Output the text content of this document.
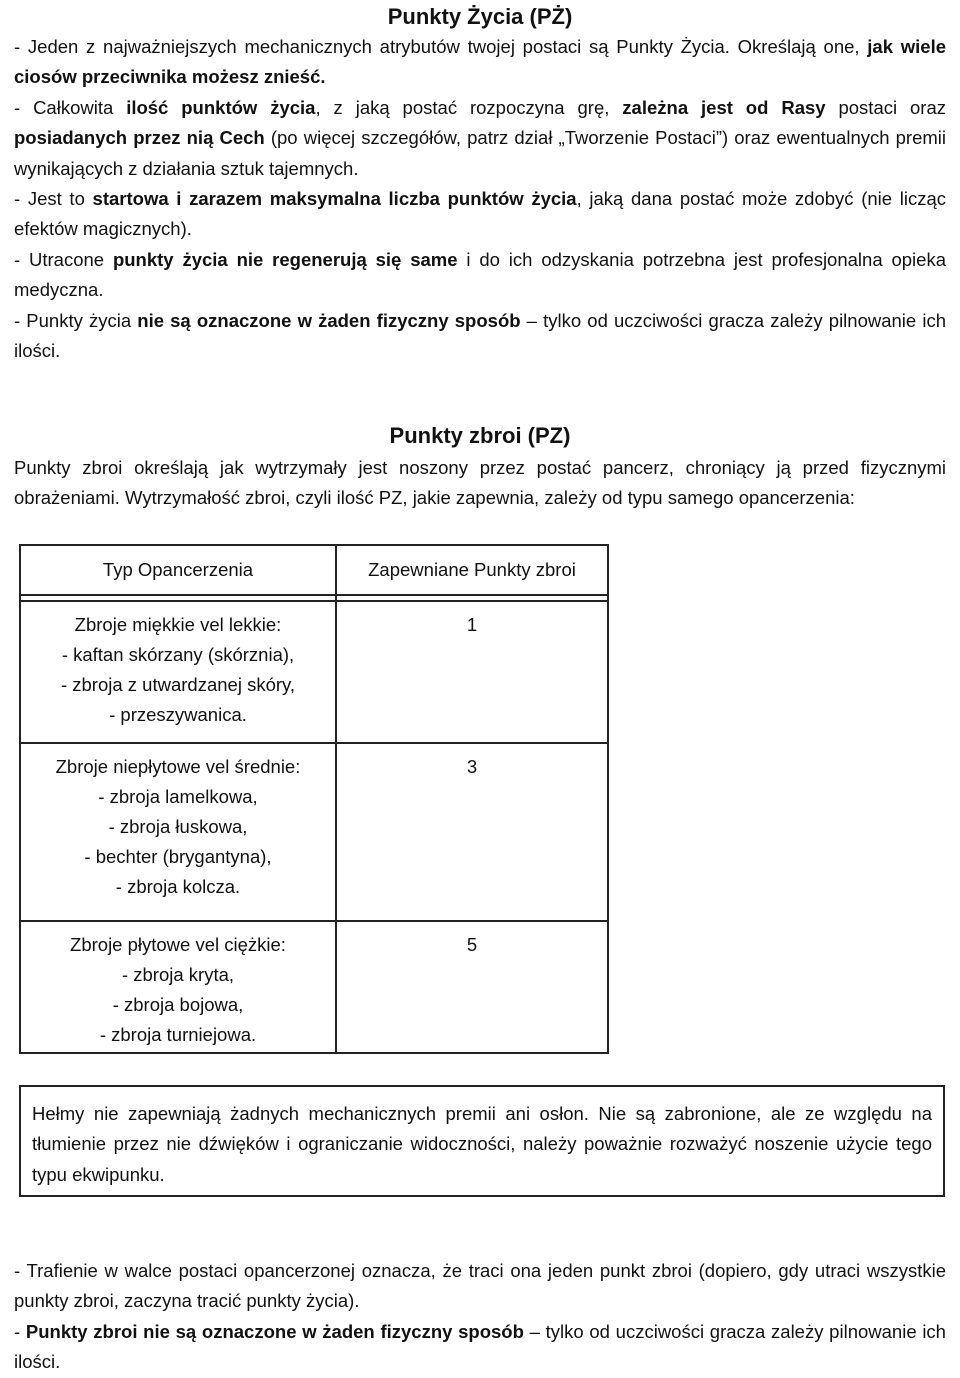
Punkty Życia (PŻ)

- Jeden z najważniejszych mechanicznych atrybutów twojej postaci są Punkty Życia. Określają one, jak wiele ciosów przeciwnika możesz znieść.

- Całkowita ilość punktów życia, z jaką postać rozpoczyna grę, zależna jest od Rasy postaci oraz posiadanych przez nią Cech (po więcej szczegółów, patrz dział „Tworzenie Postaci”) oraz ewentualnych premii wynikających z działania sztuk tajemnych.

- Jest to startowa i zarazem maksymalna liczba punktów życia, jaką dana postać może zdobyć (nie licząc efektów magicznych).

- Utracone punkty życia nie regenerują się same i do ich odzyskania potrzebna jest profesjonalna opieka medyczna.

- Punkty życia nie są oznaczone w żaden fizyczny sposób – tylko od uczciwości gracza zależy pilnowanie ich ilości.

Punkty zbroi (PZ)

Punkty zbroi określają jak wytrzymały jest noszony przez postać pancerz, chroniący ją przed fizycznymi obrażeniami. Wytrzymałość zbroi, czyli ilość PZ, jakie zapewnia, zależy od typu samego opancerzenia:

Typ Opancerzenia	Zapewniane Punkty zbroi

Zbroje miękkie vel lekkie:
- kaftan skórzany (skórznia),
- zbroja z utwardzanej skóry,
- przeszywanica.	1

Zbroje niepłytowe vel średnie:
- zbroja lamelkowa,
- zbroja łuskowa,
- bechter (brygantyna),
- zbroja kolcza.	3

Zbroje płytowe vel ciężkie:
- zbroja kryta,
- zbroja bojowa,
- zbroja turniejowa.	5
Hełmy nie zapewniają żadnych mechanicznych premii ani osłon. Nie są zabronione, ale ze względu na tłumienie przez nie dźwięków i ograniczanie widoczności, należy poważnie rozważyć noszenie użycie tego typu ekwipunku.

- Trafienie w walce postaci opancerzonej oznacza, że traci ona jeden punkt zbroi (dopiero, gdy utraci wszystkie punkty zbroi, zaczyna tracić punkty życia).

- Punkty zbroi nie są oznaczone w żaden fizyczny sposób – tylko od uczciwości gracza zależy pilnowanie ich ilości.
